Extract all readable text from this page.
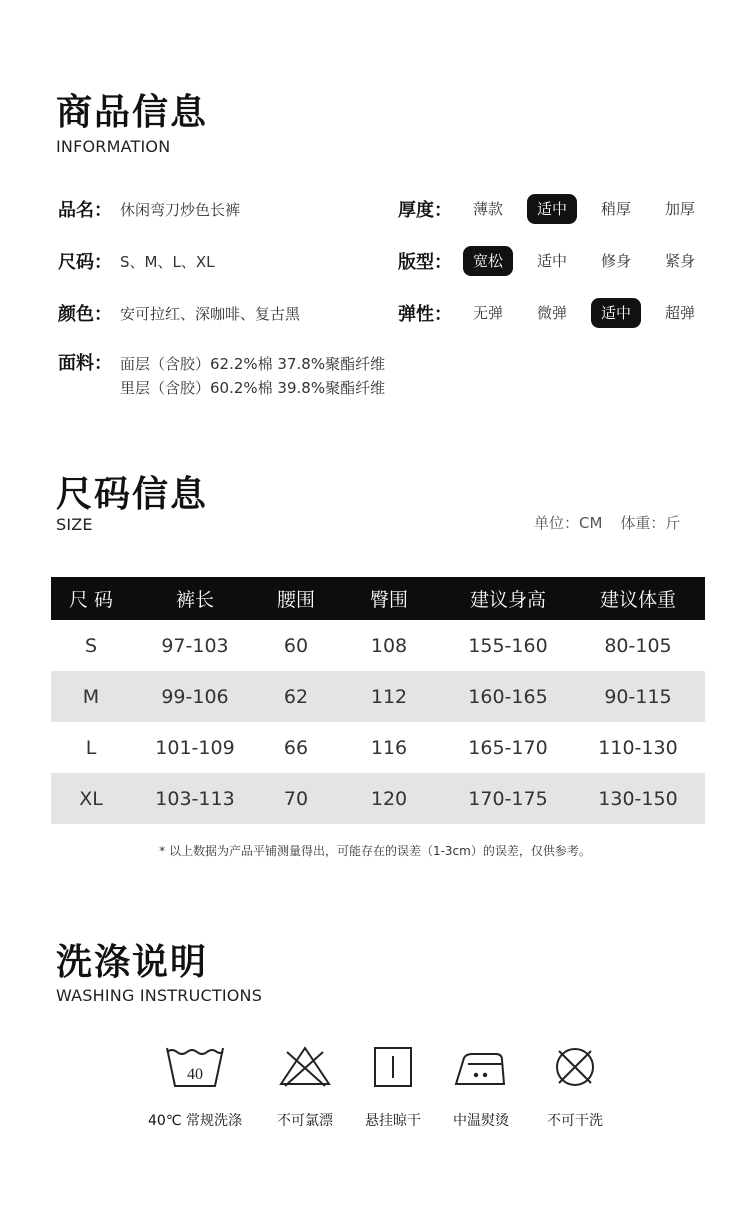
商品信息
INFORMATION
品名： 休闲弯刀炒色长裤
尺码： S、M、L、XL
颜色： 安可拉红、深咖啡、复古黑
面料： 面层（含胶）62.2%棉 37.8%聚酯纤维
里层（含胶）60.2%棉 39.8%聚酯纤维
厚度：	薄款	适中	稍厚	加厚
版型：	宽松	适中	修身	紧身
弹性：	无弹	微弹	适中	超弹
尺码信息
SIZE	单位：CM 体重：斤
尺 码	裤长	腰围	臀围	建议身高	建议体重
S	97-103	60	108	155-160	80-105
M	99-106	62	112	160-165	90-115
L	101-109	66	116	165-170	110-130
XL	103-113	70	120	170-175	130-150
* 以上数据为产品平铺测量得出，可能存在的误差（1-3cm）的误差，仅供参考。
洗涤说明
WASHING INSTRUCTIONS
40
40℃ 常规洗涤	不可氯漂	悬挂晾干	中温熨烫	不可干洗
